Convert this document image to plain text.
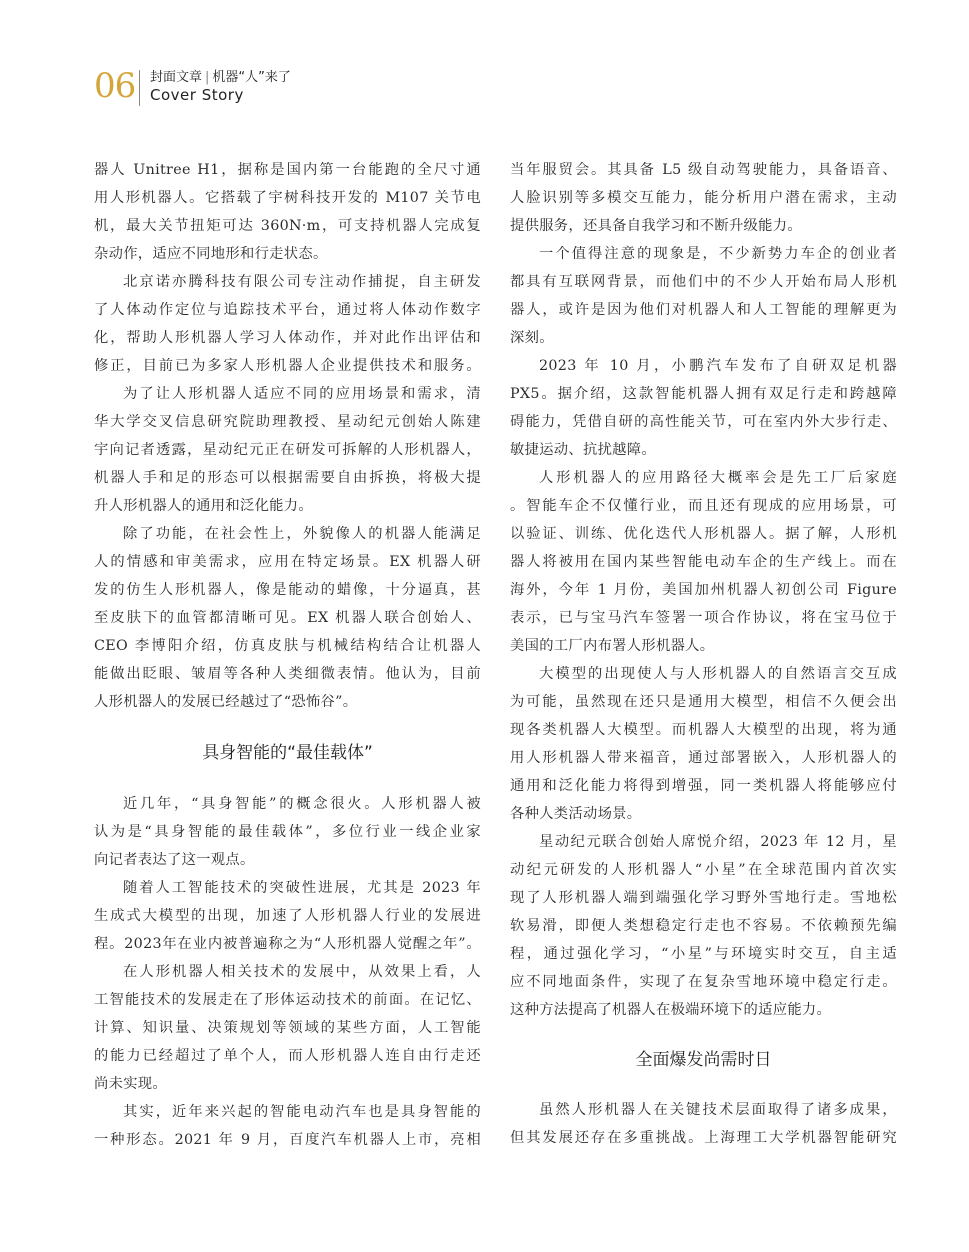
06 封面文章 | 机器“人”来了
Cover Story
器人 Unitree H1，据称是国内第一台能跑的全尺寸通
用人形机器人。它搭载了宇树科技开发的 M107 关节电
机，最大关节扭矩可达 360N·m，可支持机器人完成复
杂动作，适应不同地形和行走状态。
北京诺亦腾科技有限公司专注动作捕捉，自主研发
了人体动作定位与追踪技术平台，通过将人体动作数字
化，帮助人形机器人学习人体动作，并对此作出评估和
修正，目前已为多家人形机器人企业提供技术和服务。
为了让人形机器人适应不同的应用场景和需求，清
华大学交叉信息研究院助理教授、星动纪元创始人陈建
宇向记者透露，星动纪元正在研发可拆解的人形机器人，
机器人手和足的形态可以根据需要自由拆换，将极大提
升人形机器人的通用和泛化能力。
除了功能，在社会性上，外貌像人的机器人能满足
人的情感和审美需求，应用在特定场景。EX 机器人研
发的仿生人形机器人，像是能动的蜡像，十分逼真，甚
至皮肤下的血管都清晰可见。EX 机器人联合创始人、
CEO 李博阳介绍，仿真皮肤与机械结构结合让机器人
能做出眨眼、皱眉等各种人类细微表情。他认为，目前
人形机器人的发展已经越过了“恐怖谷”。
具身智能的“最佳载体”
近几年，“具身智能”的概念很火。人形机器人被
认为是“具身智能的最佳载体”，多位行业一线企业家
向记者表达了这一观点。
随着人工智能技术的突破性进展，尤其是 2023 年
生成式大模型的出现，加速了人形机器人行业的发展进
程。2023年在业内被普遍称之为“人形机器人觉醒之年”。
在人形机器人相关技术的发展中，从效果上看，人
工智能技术的发展走在了形体运动技术的前面。在记忆、
计算、知识量、决策规划等领域的某些方面，人工智能
的能力已经超过了单个人，而人形机器人连自由行走还
尚未实现。
其实，近年来兴起的智能电动汽车也是具身智能的
一种形态。2021 年 9 月，百度汽车机器人上市，亮相
当年服贸会。其具备 L5 级自动驾驶能力，具备语音、
人脸识别等多模交互能力，能分析用户潜在需求，主动
提供服务，还具备自我学习和不断升级能力。
一个值得注意的现象是，不少新势力车企的创业者
都具有互联网背景，而他们中的不少人开始布局人形机
器人，或许是因为他们对机器人和人工智能的理解更为
深刻。
2023 年 10 月，小鹏汽车发布了自研双足机器
PX5。据介绍，这款智能机器人拥有双足行走和跨越障
碍能力，凭借自研的高性能关节，可在室内外大步行走、
敏捷运动、抗扰越障。
人形机器人的应用路径大概率会是先工厂后家庭
。智能车企不仅懂行业，而且还有现成的应用场景，可
以验证、训练、优化迭代人形机器人。据了解，人形机
器人将被用在国内某些智能电动车企的生产线上。而在
海外，今年 1 月份，美国加州机器人初创公司 Figure
表示，已与宝马汽车签署一项合作协议，将在宝马位于
美国的工厂内布署人形机器人。
大模型的出现使人与人形机器人的自然语言交互成
为可能，虽然现在还只是通用大模型，相信不久便会出
现各类机器人大模型。而机器人大模型的出现，将为通
用人形机器人带来福音，通过部署嵌入，人形机器人的
通用和泛化能力将得到增强，同一类机器人将能够应付
各种人类活动场景。
星动纪元联合创始人席悦介绍，2023 年 12 月，星
动纪元研发的人形机器人“小星”在全球范围内首次实
现了人形机器人端到端强化学习野外雪地行走。雪地松
软易滑，即便人类想稳定行走也不容易。不依赖预先编
程，通过强化学习，“小星”与环境实时交互，自主适
应不同地面条件，实现了在复杂雪地环境中稳定行走。
这种方法提高了机器人在极端环境下的适应能力。
全面爆发尚需时日
虽然人形机器人在关键技术层面取得了诸多成果，
但其发展还存在多重挑战。上海理工大学机器智能研究
